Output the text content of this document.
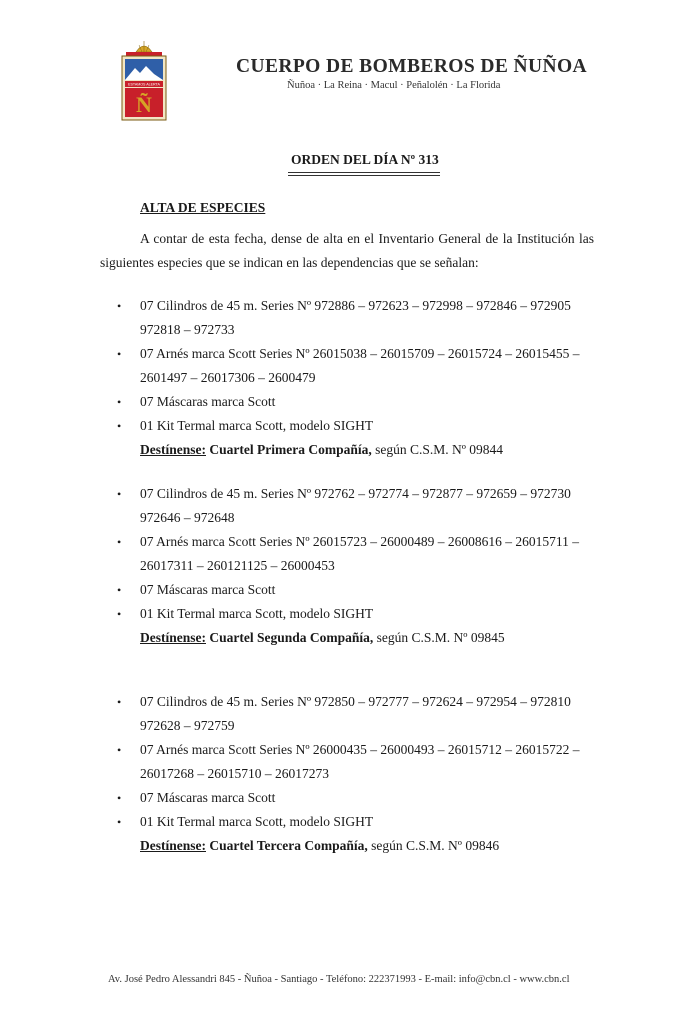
ESTAMOS ALERTA
Ñ
CUERPO DE BOMBEROS DE ÑUÑOA
Ñuñoa · La Reina · Macul · Peñalolén · La Florida
ORDEN DEL DÍA Nº 313
ALTA DE ESPECIES

A contar de esta fecha, dense de alta en el Inventario General de la Institución las siguientes especies que se indican en las dependencias que se señalan:

• 07 Cilindros de 45 m. Series Nº 972886 – 972623 – 972998 – 972846 – 972905 972818 – 972733
• 07 Arnés marca Scott Series Nº 26015038 – 26015709 – 26015724 – 26015455 – 2601497 – 26017306 – 2600479
• 07 Máscaras marca Scott
• 01 Kit Termal marca Scott, modelo SIGHT
Destínense: Cuartel Primera Compañía, según C.S.M. Nº 09844
• 07 Cilindros de 45 m. Series Nº 972762 – 972774 – 972877 – 972659 – 972730 972646 – 972648
• 07 Arnés marca Scott Series Nº 26015723 – 26000489 – 26008616 – 26015711 – 26017311 – 260121125 – 26000453
• 07 Máscaras marca Scott
• 01 Kit Termal marca Scott, modelo SIGHT
Destínense: Cuartel Segunda Compañía, según C.S.M. Nº 09845
• 07 Cilindros de 45 m. Series Nº 972850 – 972777 – 972624 – 972954 – 972810 972628 – 972759
• 07 Arnés marca Scott Series Nº 26000435 – 26000493 – 26015712 – 26015722 – 26017268 – 26015710 – 26017273
• 07 Máscaras marca Scott
• 01 Kit Termal marca Scott, modelo SIGHT
Destínense: Cuartel Tercera Compañía, según C.S.M. Nº 09846
Av. José Pedro Alessandri 845 - Ñuñoa - Santiago - Teléfono: 222371993 - E-mail: info@cbn.cl - www.cbn.cl
